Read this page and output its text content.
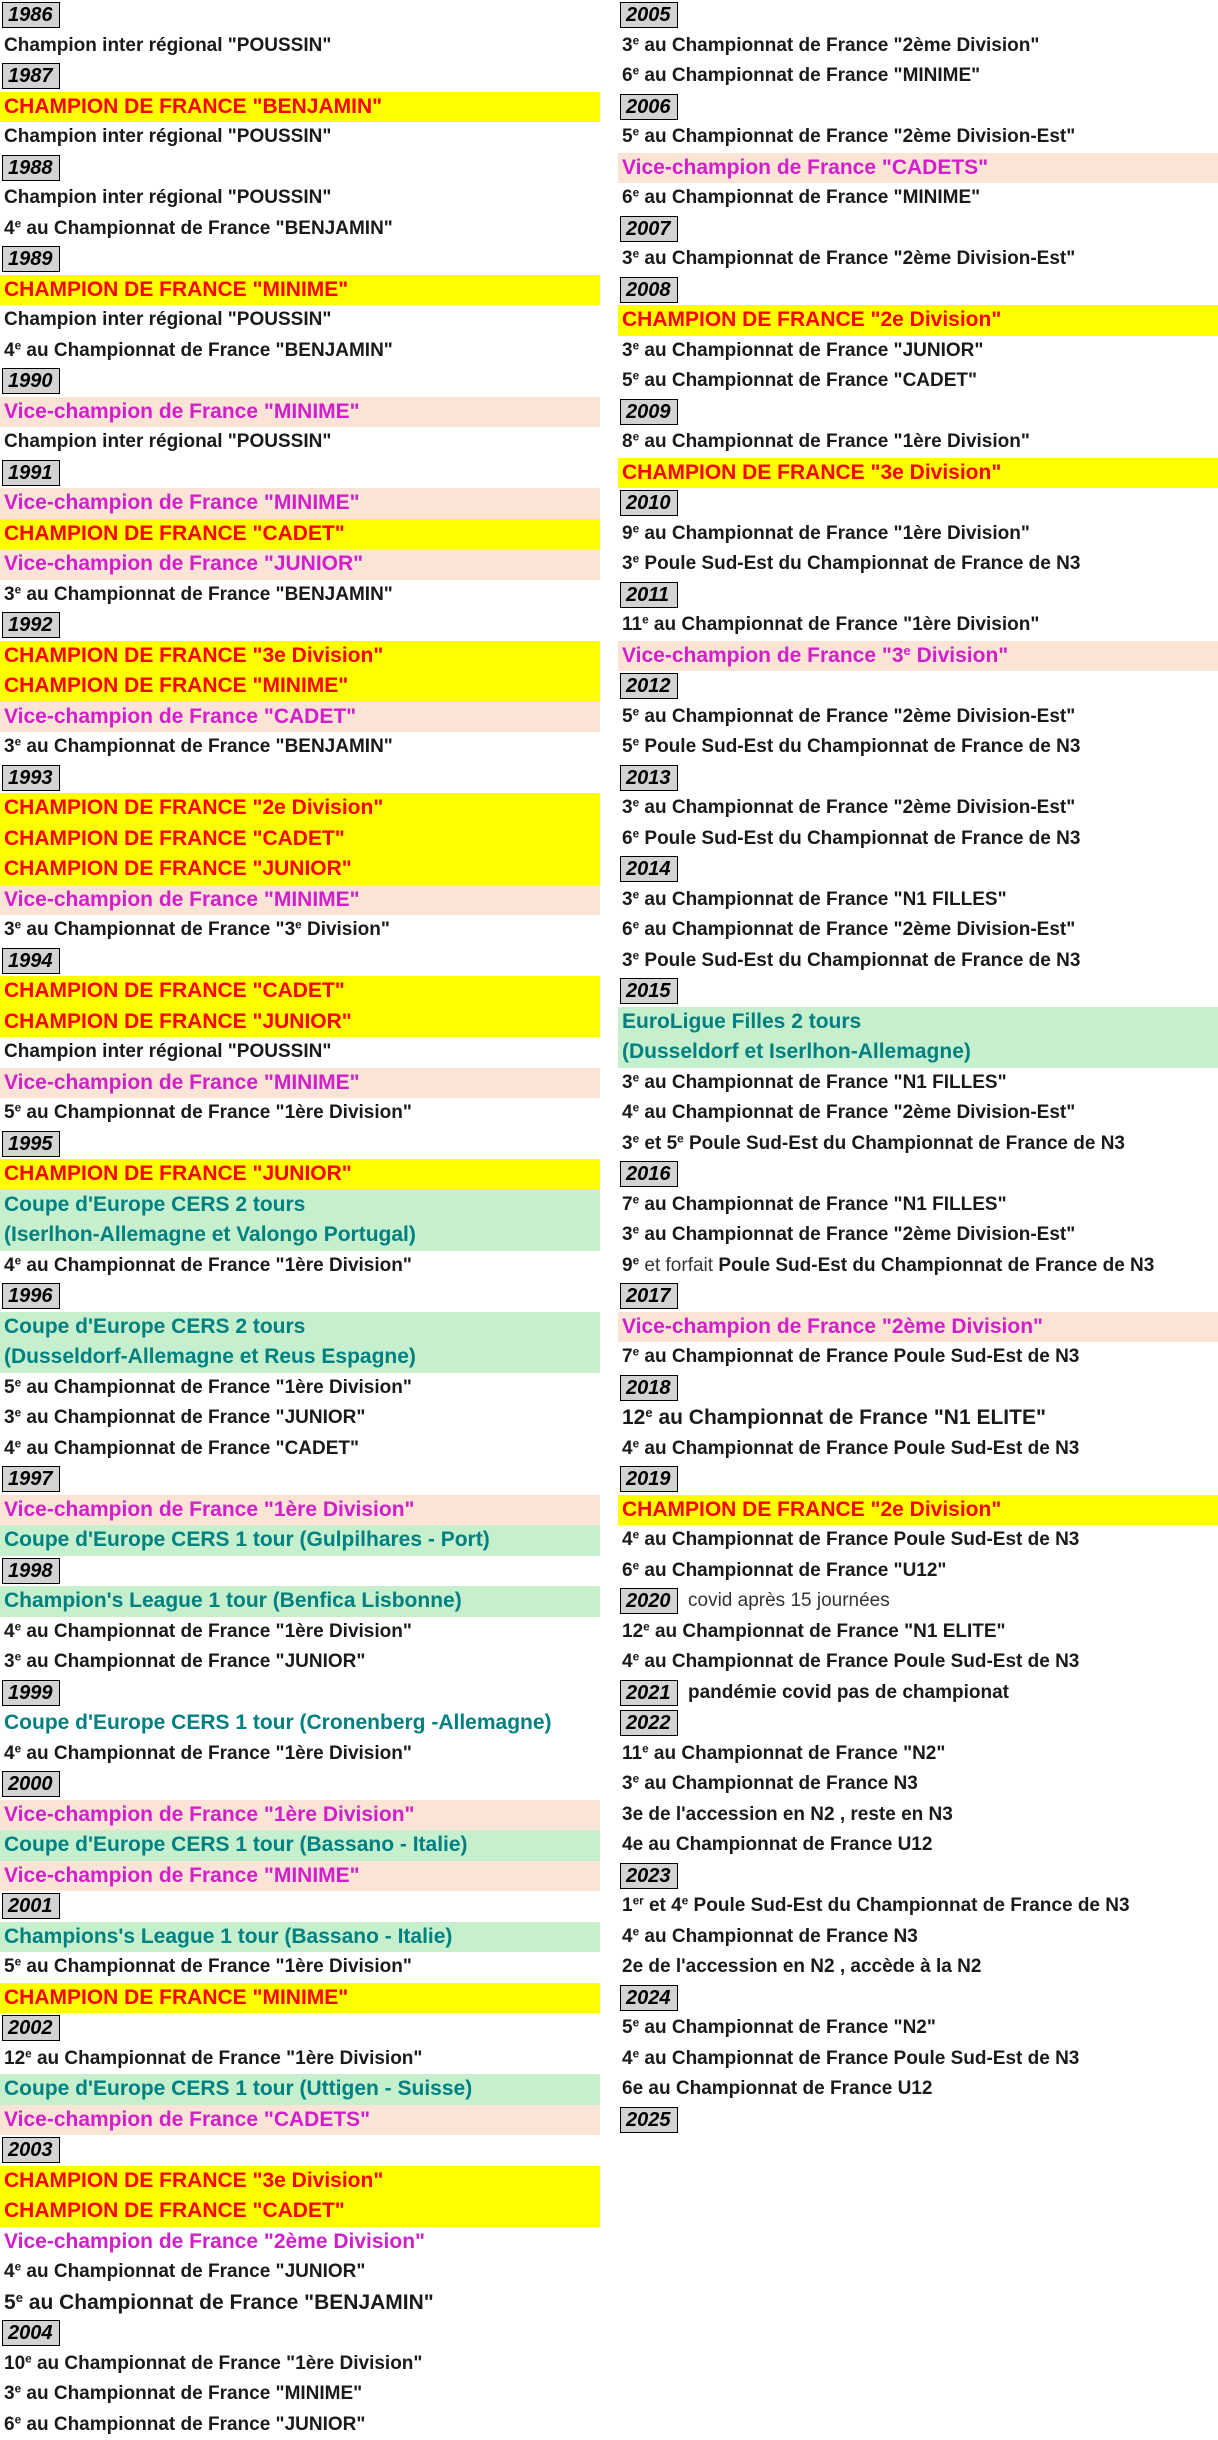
1986
Champion inter régional "POUSSIN"
1987
CHAMPION DE FRANCE "BENJAMIN"
Champion inter régional "POUSSIN"
1988
Champion inter régional "POUSSIN"
4e au Championnat de France "BENJAMIN"
1989
CHAMPION DE FRANCE "MINIME"
Champion inter régional "POUSSIN"
4e au Championnat de France "BENJAMIN"
1990
Vice-champion de France "MINIME"
Champion inter régional "POUSSIN"
1991
Vice-champion de France "MINIME"
CHAMPION DE FRANCE "CADET"
Vice-champion de France "JUNIOR"
3e au Championnat de France "BENJAMIN"
1992
CHAMPION DE FRANCE "3e Division"
CHAMPION DE FRANCE "MINIME"
Vice-champion de France "CADET"
3e au Championnat de France "BENJAMIN"
1993
CHAMPION DE FRANCE "2e Division"
CHAMPION DE FRANCE "CADET"
CHAMPION DE FRANCE "JUNIOR"
Vice-champion de France "MINIME"
3e au Championnat de France "3e Division"
1994
CHAMPION DE FRANCE "CADET"
CHAMPION DE FRANCE "JUNIOR"
Champion inter régional "POUSSIN"
Vice-champion de France "MINIME"
5e au Championnat de France "1ère Division"
1995
CHAMPION DE FRANCE "JUNIOR"
Coupe d'Europe CERS 2 tours
(Iserlhon-Allemagne et Valongo Portugal)
4e au Championnat de France "1ère Division"
1996
Coupe d'Europe CERS 2 tours
(Dusseldorf-Allemagne et Reus Espagne)
5e au Championnat de France "1ère Division"
3e au Championnat de France "JUNIOR"
4e au Championnat de France "CADET"
1997
Vice-champion de France "1ère Division"
Coupe d'Europe CERS 1 tour (Gulpilhares - Port)
1998
Champion's League 1 tour (Benfica Lisbonne)
4e au Championnat de France "1ère Division"
3e au Championnat de France "JUNIOR"
1999
Coupe d'Europe CERS 1 tour (Cronenberg -Allemagne)
4e au Championnat de France "1ère Division"
2000
Vice-champion de France "1ère Division"
Coupe d'Europe CERS 1 tour (Bassano - Italie)
Vice-champion de France "MINIME"
2001
Champions's League 1 tour (Bassano - Italie)
5e au Championnat de France "1ère Division"
CHAMPION DE FRANCE "MINIME"
2002
12e au Championnat de France "1ère Division"
Coupe d'Europe CERS 1 tour (Uttigen - Suisse)
Vice-champion de France "CADETS"
2003
CHAMPION DE FRANCE "3e Division"
CHAMPION DE FRANCE "CADET"
Vice-champion de France "2ème Division"
4e au Championnat de France "JUNIOR"
5e au Championnat de France "BENJAMIN"
2004
10e au Championnat de France "1ère Division"
3e au Championnat de France "MINIME"
6e au Championnat de France "JUNIOR"
2005
3e au Championnat de France "2ème Division"
6e au Championnat de France "MINIME"
2006
5e au Championnat de France "2ème Division-Est"
Vice-champion de France "CADETS"
6e au Championnat de France "MINIME"
2007
3e au Championnat de France "2ème Division-Est"
2008
CHAMPION DE FRANCE "2e Division"
3e au Championnat de France "JUNIOR"
5e au Championnat de France "CADET"
2009
8e au Championnat de France "1ère Division"
CHAMPION DE FRANCE "3e Division"
2010
9e au Championnat de France "1ère Division"
3e Poule Sud-Est du Championnat de France de N3
2011
11e au Championnat de France "1ère Division"
Vice-champion de France "3e Division"
2012
5e au Championnat de France "2ème Division-Est"
5e Poule Sud-Est du Championnat de France de N3
2013
3e au Championnat de France "2ème Division-Est"
6e Poule Sud-Est du Championnat de France de N3
2014
3e au Championnat de France "N1 FILLES"
6e au Championnat de France "2ème Division-Est"
3e Poule Sud-Est du Championnat de France de N3
2015
EuroLigue Filles 2 tours
(Dusseldorf et Iserlhon-Allemagne)
3e au Championnat de France "N1 FILLES"
4e au Championnat de France "2ème Division-Est"
3e et 5e Poule Sud-Est du Championnat de France de N3
2016
7e au Championnat de France "N1 FILLES"
3e au Championnat de France "2ème Division-Est"
9e et forfait Poule Sud-Est du Championnat de France de N3
2017
Vice-champion de France "2ème Division"
7e au Championnat de France Poule Sud-Est de N3
2018
12e au Championnat de France "N1 ELITE"
4e au Championnat de France Poule Sud-Est de N3
2019
CHAMPION DE FRANCE "2e Division"
4e au Championnat de France Poule Sud-Est de N3
6e au Championnat de France "U12"
2020 covid après 15 journées
12e au Championnat de France "N1 ELITE"
4e au Championnat de France Poule Sud-Est de N3
2021 pandémie covid pas de championat
2022
11e au Championnat de France "N2"
3e au Championnat de France N3
3e de l'accession en N2 , reste en N3
4e au Championnat de France U12
2023
1er et 4e Poule Sud-Est du Championnat de France de N3
4e au Championnat de France N3
2e de l'accession en N2 , accède à la N2
2024
5e au Championnat de France "N2"
4e au Championnat de France Poule Sud-Est de N3
6e au Championnat de France U12
2025
